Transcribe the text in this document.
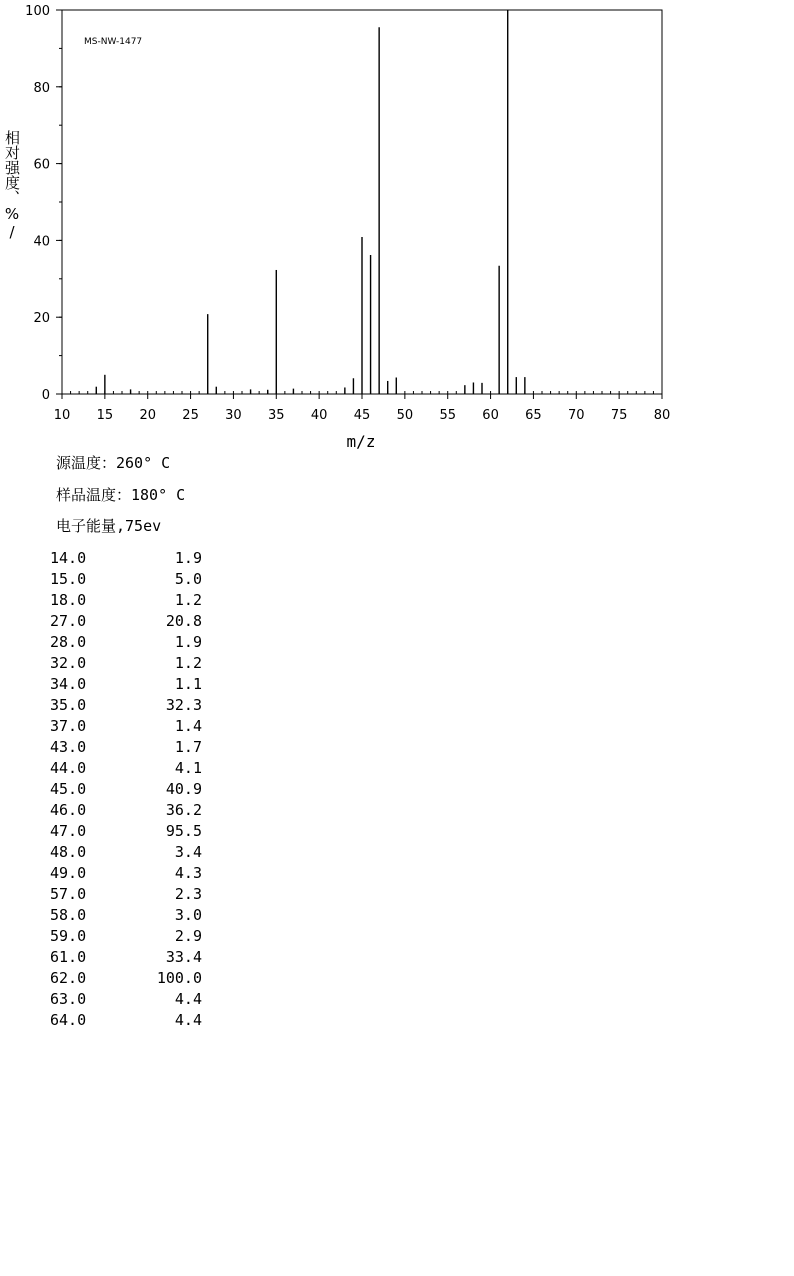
MS-NW-1477
m/z
相对强度、%/
10 15 20 25 30 35 40 45 50 55 60 65 70 75 80
0
20
40
60
80
100
源温度：260° C
样品温度：180° C
电子能量,75ev
14.0	1.9
15.0	5.0
18.0	1.2
27.0	20.8
28.0	1.9
32.0	1.2
34.0	1.1
35.0	32.3
37.0	1.4
43.0	1.7
44.0	4.1
45.0	40.9
46.0	36.2
47.0	95.5
48.0	3.4
49.0	4.3
57.0	2.3
58.0	3.0
59.0	2.9
61.0	33.4
62.0	100.0
63.0	4.4
64.0	4.4
